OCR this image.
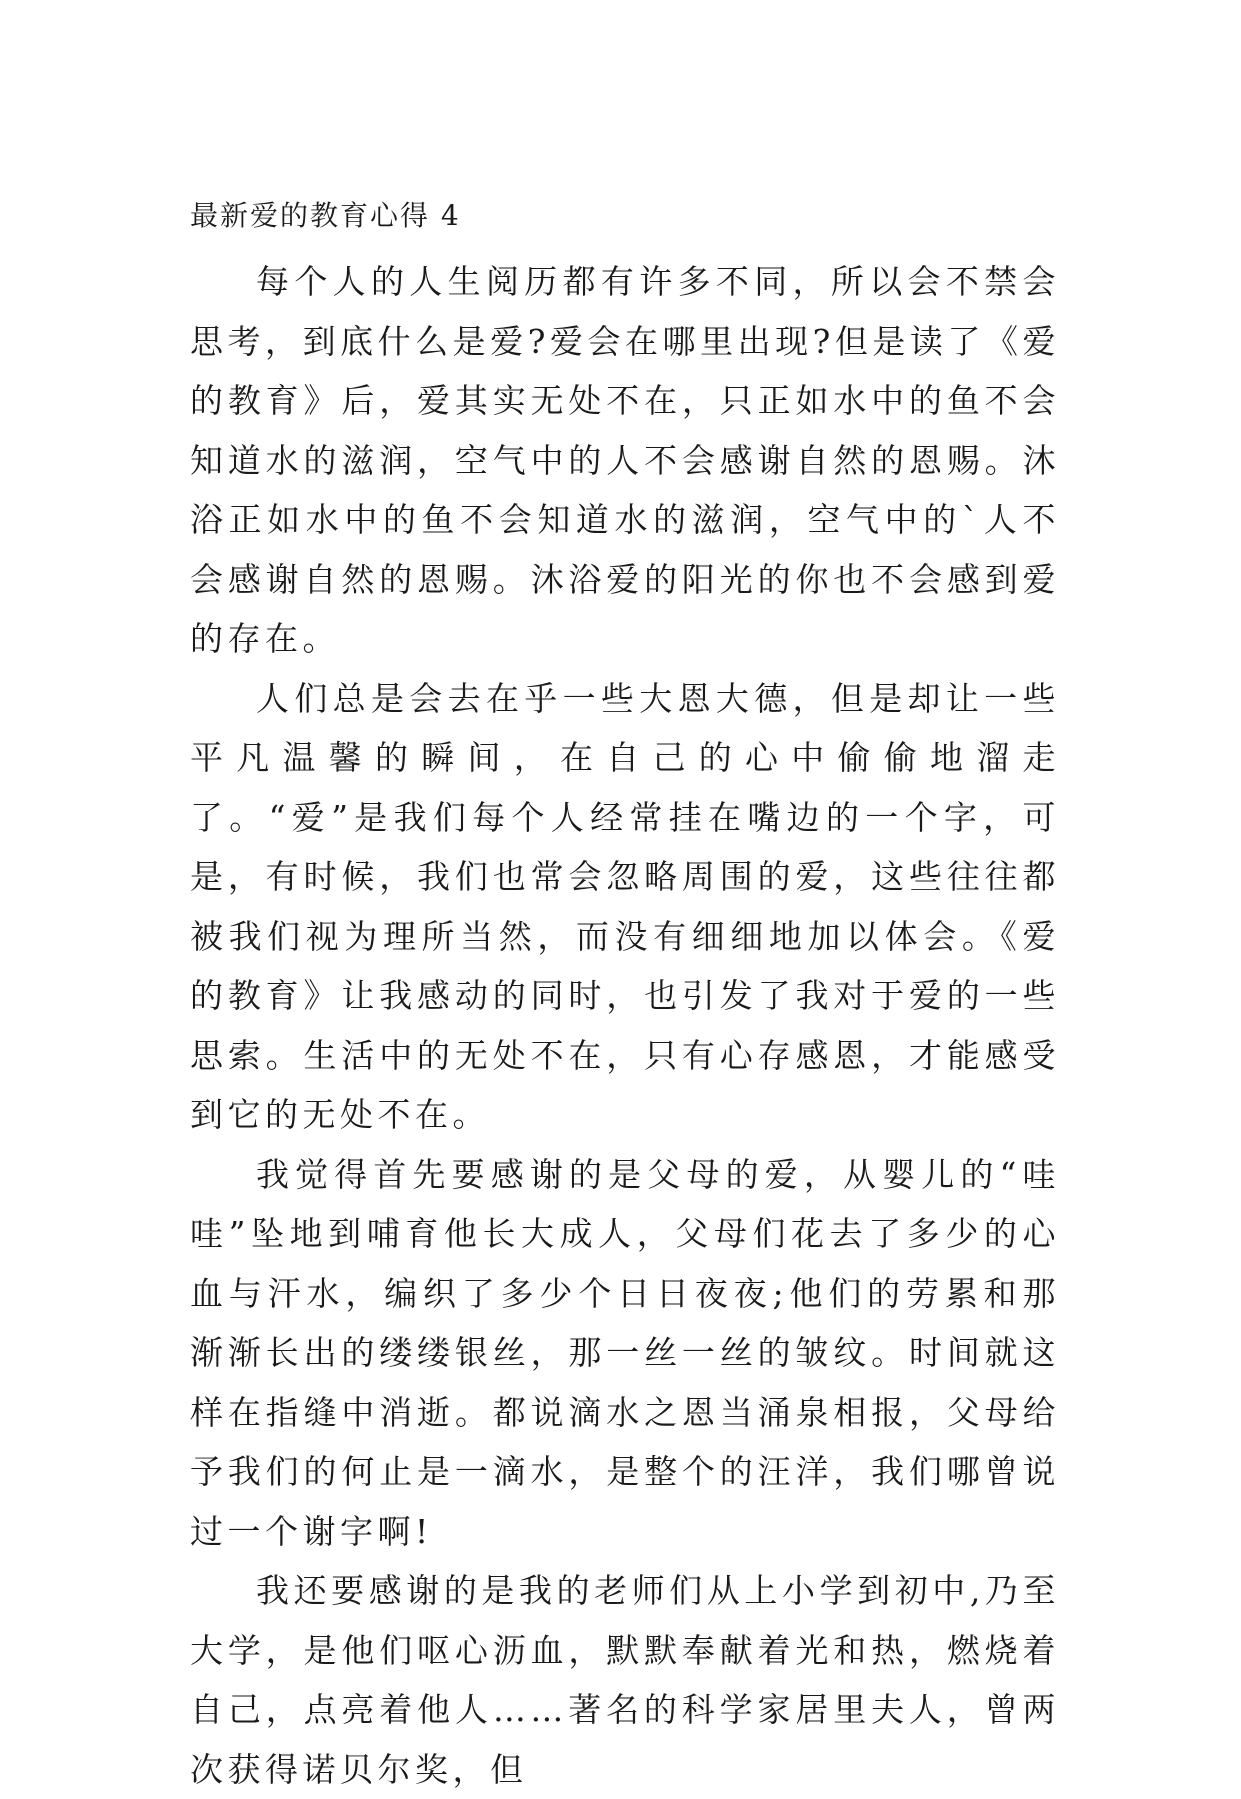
最新爱的教育心得 4

每个人的人生阅历都有许多不同，所以会不禁会思考，到底什么是爱?爱会在哪里出现?但是读了《爱的教育》后，爱其实无处不在，只正如水中的鱼不会知道水的滋润，空气中的人不会感谢自然的恩赐。沐浴正如水中的鱼不会知道水的滋润，空气中的`人不会感谢自然的恩赐。沐浴爱的阳光的你也不会感到爱的存在。

人们总是会去在乎一些大恩大德，但是却让一些平凡温馨的瞬间，在自己的心中偷偷地溜走了。“爱”是我们每个人经常挂在嘴边的一个字，可是，有时候，我们也常会忽略周围的爱，这些往往都被我们视为理所当然，而没有细细地加以体会。《爱的教育》让我感动的同时，也引发了我对于爱的一些思索。生活中的无处不在，只有心存感恩，才能感受到它的无处不在。

我觉得首先要感谢的是父母的爱，从婴儿的“哇哇”坠地到哺育他长大成人，父母们花去了多少的心血与汗水，编织了多少个日日夜夜;他们的劳累和那渐渐长出的缕缕银丝，那一丝一丝的皱纹。时间就这样在指缝中消逝。都说滴水之恩当涌泉相报，父母给予我们的何止是一滴水，是整个的汪洋，我们哪曾说过一个谢字啊!

我还要感谢的是我的老师们从上小学到初中,乃至大学，是他们呕心沥血，默默奉献着光和热，燃烧着自己，点亮着他人……著名的科学家居里夫人，曾两次获得诺贝尔奖，但
